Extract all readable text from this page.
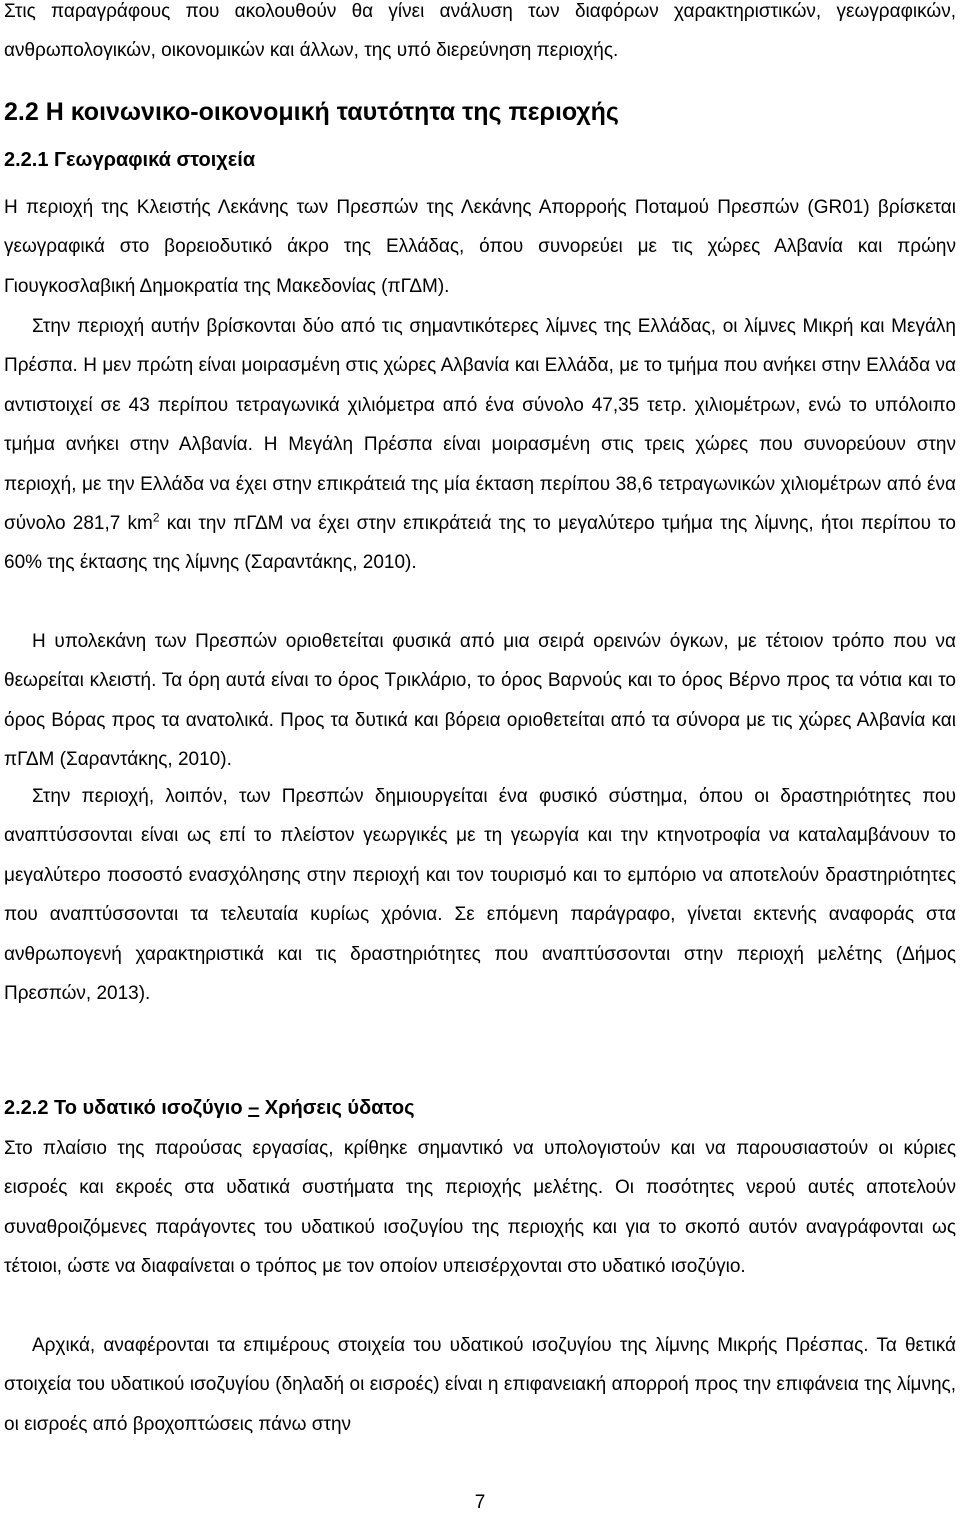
Στις παραγράφους που ακολουθούν θα γίνει ανάλυση των διαφόρων χαρακτηριστικών, γεωγραφικών, ανθρωπολογικών, οικονομικών και άλλων, της υπό διερεύνηση περιοχής.

2.2 Η κοινωνικο-οικονομική ταυτότητα της περιοχής
2.2.1 Γεωγραφικά στοιχεία

Η περιοχή της Κλειστής Λεκάνης των Πρεσπών της Λεκάνης Απορροής Ποταμού Πρεσπών (GR01) βρίσκεται γεωγραφικά στο βορειοδυτικό άκρο της Ελλάδας, όπου συνορεύει με τις χώρες Αλβανία και πρώην Γιουγκοσλαβική Δημοκρατία της Μακεδονίας (πΓΔΜ).

Στην περιοχή αυτήν βρίσκονται δύο από τις σημαντικότερες λίμνες της Ελλάδας, οι λίμνες Μικρή και Μεγάλη Πρέσπα. Η μεν πρώτη είναι μοιρασμένη στις χώρες Αλβανία και Ελλάδα, με το τμήμα που ανήκει στην Ελλάδα να αντιστοιχεί σε 43 περίπου τετραγωνικά χιλιόμετρα από ένα σύνολο 47,35 τετρ. χιλιομέτρων, ενώ το υπόλοιπο τμήμα ανήκει στην Αλβανία. Η Μεγάλη Πρέσπα είναι μοιρασμένη στις τρεις χώρες που συνορεύουν στην περιοχή, με την Ελλάδα να έχει στην επικράτειά της μία έκταση περίπου 38,6 τετραγωνικών χιλιομέτρων από ένα σύνολο 281,7 $km^2$ και την πΓΔΜ να έχει στην επικράτειά της το μεγαλύτερο τμήμα της λίμνης, ήτοι περίπου το 60% της έκτασης της λίμνης (Σαραντάκης, 2010).

Η υπολεκάνη των Πρεσπών οριοθετείται φυσικά από μια σειρά ορεινών όγκων, με τέτοιον τρόπο που να θεωρείται κλειστή. Τα όρη αυτά είναι το όρος Τρικλάριο, το όρος Βαρνούς και το όρος Βέρνο προς τα νότια και το όρος Βόρας προς τα ανατολικά. Προς τα δυτικά και βόρεια οριοθετείται από τα σύνορα με τις χώρες Αλβανία και πΓΔΜ (Σαραντάκης, 2010).

Στην περιοχή, λοιπόν, των Πρεσπών δημιουργείται ένα φυσικό σύστημα, όπου οι δραστηριότητες που αναπτύσσονται είναι ως επί το πλείστον γεωργικές με τη γεωργία και την κτηνοτροφία να καταλαμβάνουν το μεγαλύτερο ποσοστό ενασχόλησης στην περιοχή και τον τουρισμό και το εμπόριο να αποτελούν δραστηριότητες που αναπτύσσονται τα τελευταία κυρίως χρόνια. Σε επόμενη παράγραφο, γίνεται εκτενής αναφοράς στα ανθρωπογενή χαρακτηριστικά και τις δραστηριότητες που αναπτύσσονται στην περιοχή μελέτης (Δήμος Πρεσπών, 2013).

2.2.2 Το υδατικό ισοζύγιο – Χρήσεις ύδατος

Στο πλαίσιο της παρούσας εργασίας, κρίθηκε σημαντικό να υπολογιστούν και να παρουσιαστούν οι κύριες εισροές και εκροές στα υδατικά συστήματα της περιοχής μελέτης. Οι ποσότητες νερού αυτές αποτελούν συναθροιζόμενες παράγοντες του υδατικού ισοζυγίου της περιοχής και για το σκοπό αυτόν αναγράφονται ως τέτοιοι, ώστε να διαφαίνεται ο τρόπος με τον οποίον υπεισέρχονται στο υδατικό ισοζύγιο.

Αρχικά, αναφέρονται τα επιμέρους στοιχεία του υδατικού ισοζυγίου της λίμνης Μικρής Πρέσπας. Τα θετικά στοιχεία του υδατικού ισοζυγίου (δηλαδή οι εισροές) είναι η επιφανειακή απορροή προς την επιφάνεια της λίμνης, οι εισροές από βροχοπτώσεις πάνω στην

7
